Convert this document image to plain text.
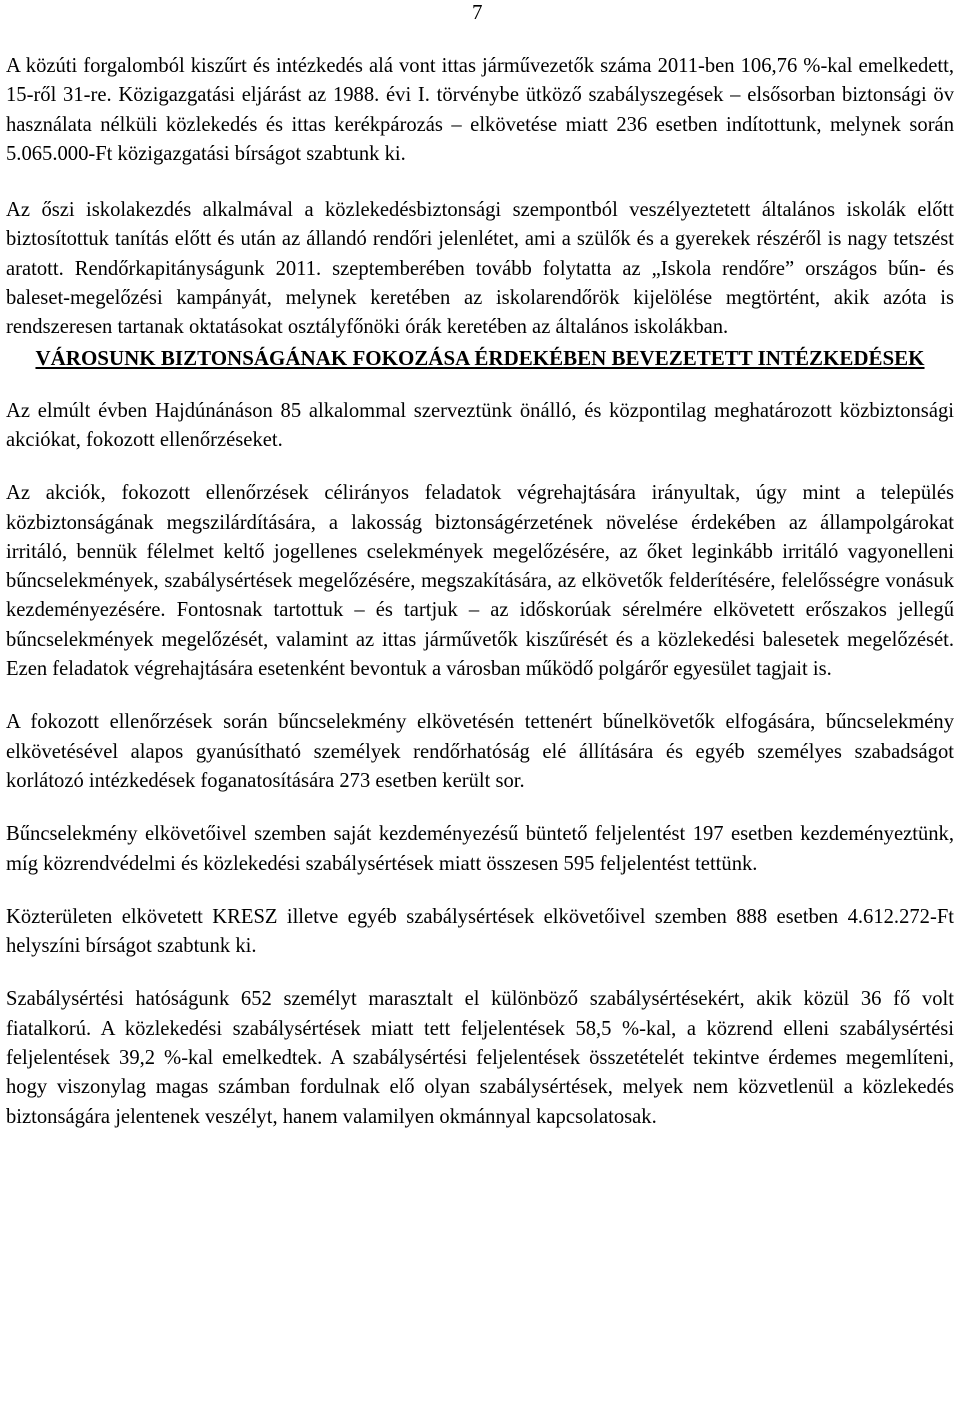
7

A közúti forgalomból kiszűrt és intézkedés alá vont ittas járművezetők száma 2011-ben 106,76 %-kal emelkedett, 15-ről 31-re. Közigazgatási eljárást az 1988. évi I. törvénybe ütköző szabályszegések – elsősorban biztonsági öv használata nélküli közlekedés és ittas kerékpározás – elkövetése miatt 236 esetben indítottunk, melynek során 5.065.000-Ft közigazgatási bírságot szabtunk ki.

Az őszi iskolakezdés alkalmával a közlekedésbiztonsági szempontból veszélyeztetett általános iskolák előtt biztosítottuk tanítás előtt és után az állandó rendőri jelenlétet, ami a szülők és a gyerekek részéről is nagy tetszést aratott. Rendőrkapitányságunk 2011. szeptemberében tovább folytatta az „Iskola rendőre” országos bűn- és baleset-megelőzési kampányát, melynek keretében az iskolarendőrök kijelölése megtörtént, akik azóta is rendszeresen tartanak oktatásokat osztályfőnöki órák keretében az általános iskolákban.

VÁROSUNK BIZTONSÁGÁNAK FOKOZÁSA ÉRDEKÉBEN BEVEZETETT INTÉZKEDÉSEK

Az elmúlt évben Hajdúnánáson 85 alkalommal szerveztünk önálló, és központilag meghatározott közbiztonsági akciókat, fokozott ellenőrzéseket.

Az akciók, fokozott ellenőrzések célirányos feladatok végrehajtására irányultak, úgy mint a település közbiztonságának megszilárdítására, a lakosság biztonságérzetének növelése érdekében az állampolgárokat irritáló, bennük félelmet keltő jogellenes cselekmények megelőzésére, az őket leginkább irritáló vagyonelleni bűncselekmények, szabálysértések megelőzésére, megszakítására, az elkövetők felderítésére, felelősségre vonásuk kezdeményezésére. Fontosnak tartottuk – és tartjuk – az időskorúak sérelmére elkövetett erőszakos jellegű bűncselekmények megelőzését, valamint az ittas járművetők kiszűrését és a közlekedési balesetek megelőzését. Ezen feladatok végrehajtására esetenként bevontuk a városban működő polgárőr egyesület tagjait is.

A fokozott ellenőrzések során bűncselekmény elkövetésén tettenért bűnelkövetők elfogására, bűncselekmény elkövetésével alapos gyanúsítható személyek rendőrhatóság elé állítására és egyéb személyes szabadságot korlátozó intézkedések foganatosítására 273 esetben került sor.

Bűncselekmény elkövetőivel szemben saját kezdeményezésű büntető feljelentést 197 esetben kezdeményeztünk, míg közrendvédelmi és közlekedési szabálysértések miatt összesen 595 feljelentést tettünk.

Közterületen elkövetett KRESZ illetve egyéb szabálysértések elkövetőivel szemben 888 esetben 4.612.272-Ft helyszíni bírságot szabtunk ki.

Szabálysértési hatóságunk 652 személyt marasztalt el különböző szabálysértésekért, akik közül 36 fő volt fiatalkorú. A közlekedési szabálysértések miatt tett feljelentések 58,5 %-kal, a közrend elleni szabálysértési feljelentések 39,2 %-kal emelkedtek. A szabálysértési feljelentések összetételét tekintve érdemes megemlíteni, hogy viszonylag magas számban fordulnak elő olyan szabálysértések, melyek nem közvetlenül a közlekedés biztonságára jelentenek veszélyt, hanem valamilyen okmánnyal kapcsolatosak.
